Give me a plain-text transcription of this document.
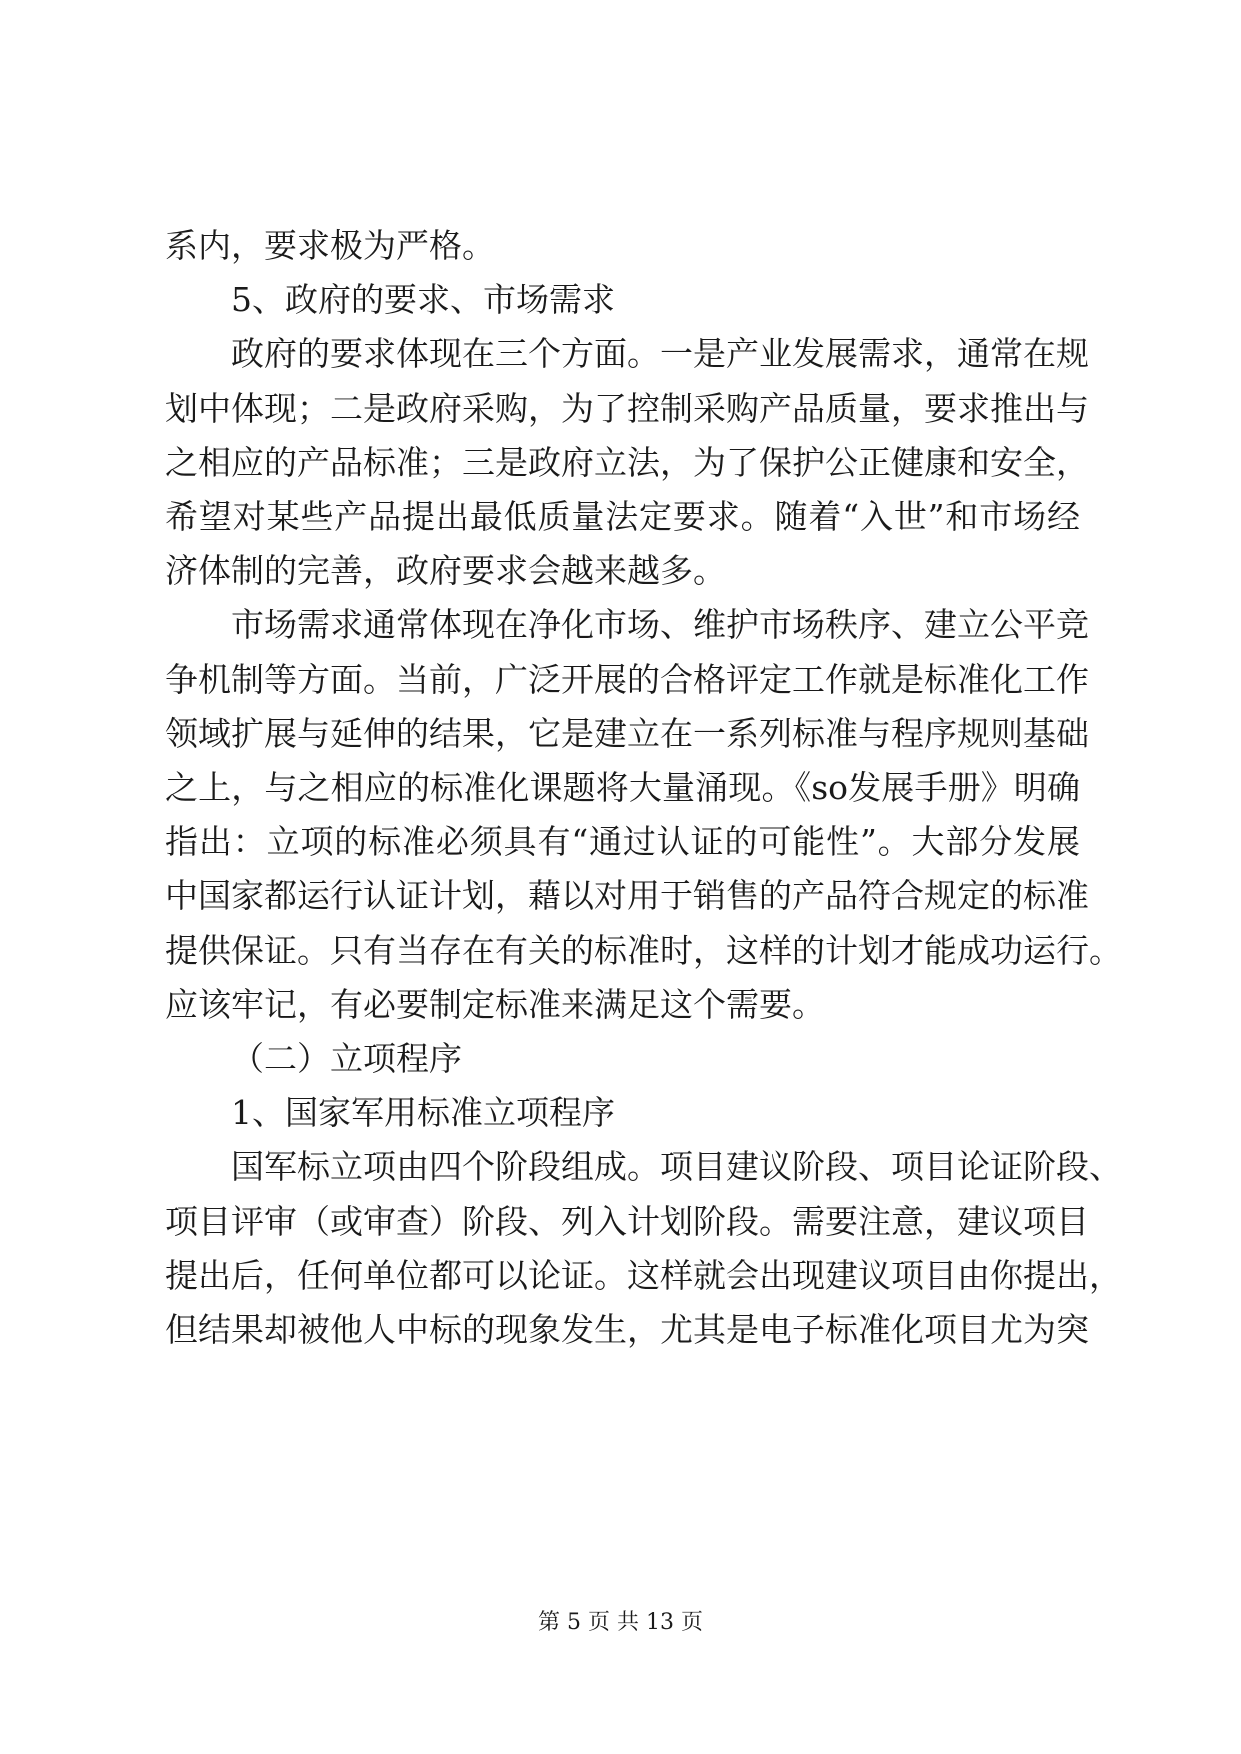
系内，要求极为严格。
5、政府的要求、市场需求
政府的要求体现在三个方面。一是产业发展需求，通常在规
划中体现；二是政府采购，为了控制采购产品质量，要求推出与
之相应的产品标准；三是政府立法，为了保护公正健康和安全，
希望对某些产品提出最低质量法定要求。随着“入世”和市场经
济体制的完善，政府要求会越来越多。
市场需求通常体现在净化市场、维护市场秩序、建立公平竞
争机制等方面。当前，广泛开展的合格评定工作就是标准化工作
领域扩展与延伸的结果，它是建立在一系列标准与程序规则基础
之上，与之相应的标准化课题将大量涌现。《so发展手册》明确
指出：立项的标准必须具有“通过认证的可能性”。大部分发展
中国家都运行认证计划，藉以对用于销售的产品符合规定的标准
提供保证。只有当存在有关的标准时，这样的计划才能成功运行。
应该牢记，有必要制定标准来满足这个需要。
（二）立项程序
1、国家军用标准立项程序
国军标立项由四个阶段组成。项目建议阶段、项目论证阶段、
项目评审（或审查）阶段、列入计划阶段。需要注意，建议项目
提出后，任何单位都可以论证。这样就会出现建议项目由你提出，
但结果却被他人中标的现象发生，尤其是电子标准化项目尤为突
第 5 页 共 13 页
